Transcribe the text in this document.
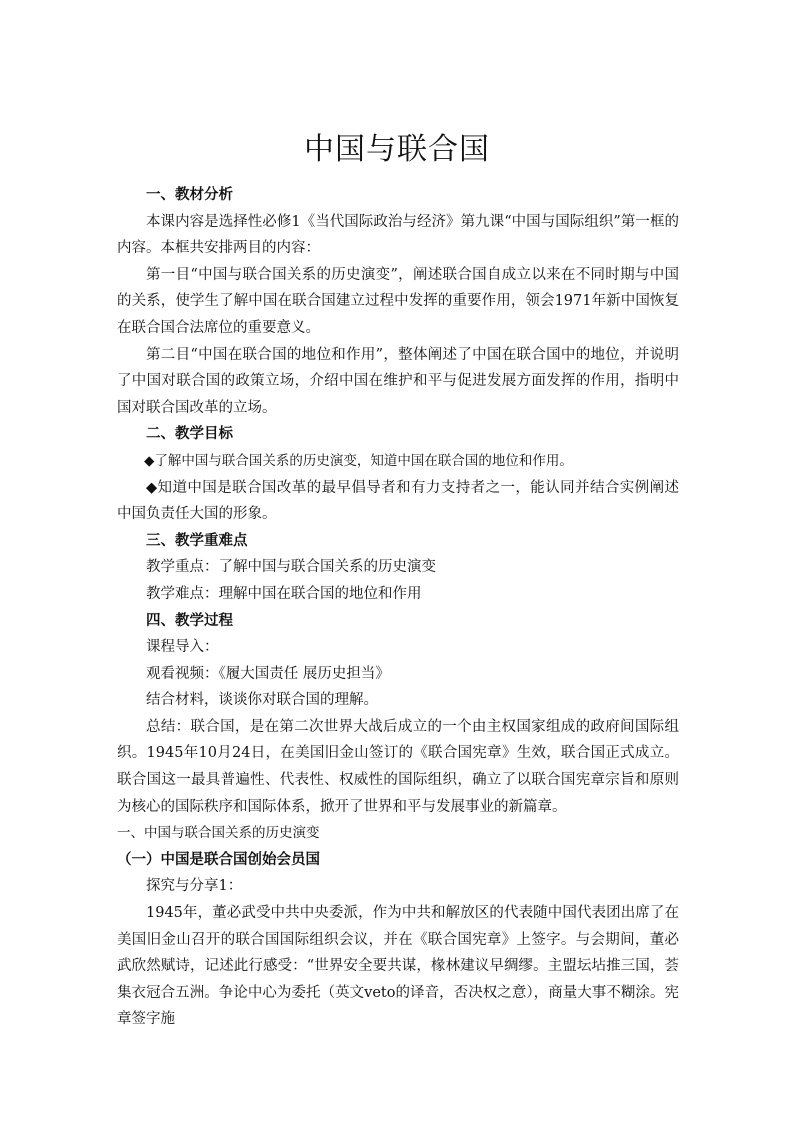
中国与联合国

一、教材分析

本课内容是选择性必修1《当代国际政治与经济》第九课“中国与国际组织”第一框的内容。本框共安排两目的内容：

第一目“中国与联合国关系的历史演变”，阐述联合国自成立以来在不同时期与中国的关系，使学生了解中国在联合国建立过程中发挥的重要作用，领会1971年新中国恢复在联合国合法席位的重要意义。

第二目“中国在联合国的地位和作用”，整体阐述了中国在联合国中的地位，并说明了中国对联合国的政策立场，介绍中国在维护和平与促进发展方面发挥的作用，指明中国对联合国改革的立场。

二、教学目标

◆了解中国与联合国关系的历史演变，知道中国在联合国的地位和作用。

◆知道中国是联合国改革的最早倡导者和有力支持者之一，能认同并结合实例阐述中国负责任大国的形象。

三、教学重难点

教学重点：了解中国与联合国关系的历史演变

教学难点：理解中国在联合国的地位和作用

四、教学过程

课程导入：

观看视频：《履大国责任 展历史担当》

结合材料，谈谈你对联合国的理解。

总结：联合国，是在第二次世界大战后成立的一个由主权国家组成的政府间国际组织。1945年10月24日，在美国旧金山签订的《联合国宪章》生效，联合国正式成立。联合国这一最具普遍性、代表性、权威性的国际组织，确立了以联合国宪章宗旨和原则为核心的国际秩序和国际体系，掀开了世界和平与发展事业的新篇章。

一、中国与联合国关系的历史演变

（一）中国是联合国创始会员国

探究与分享1：

1945年，董必武受中共中央委派，作为中共和解放区的代表随中国代表团出席了在美国旧金山召开的联合国国际组织会议，并在《联合国宪章》上签字。与会期间，董必武欣然赋诗，记述此行感受：“世界安全要共谋，椽林建议早绸缪。主盟坛坫推三国，荟集衣冠合五洲。争论中心为委托（英文veto的译音，否决权之意），商量大事不糊涂。宪章签字施
